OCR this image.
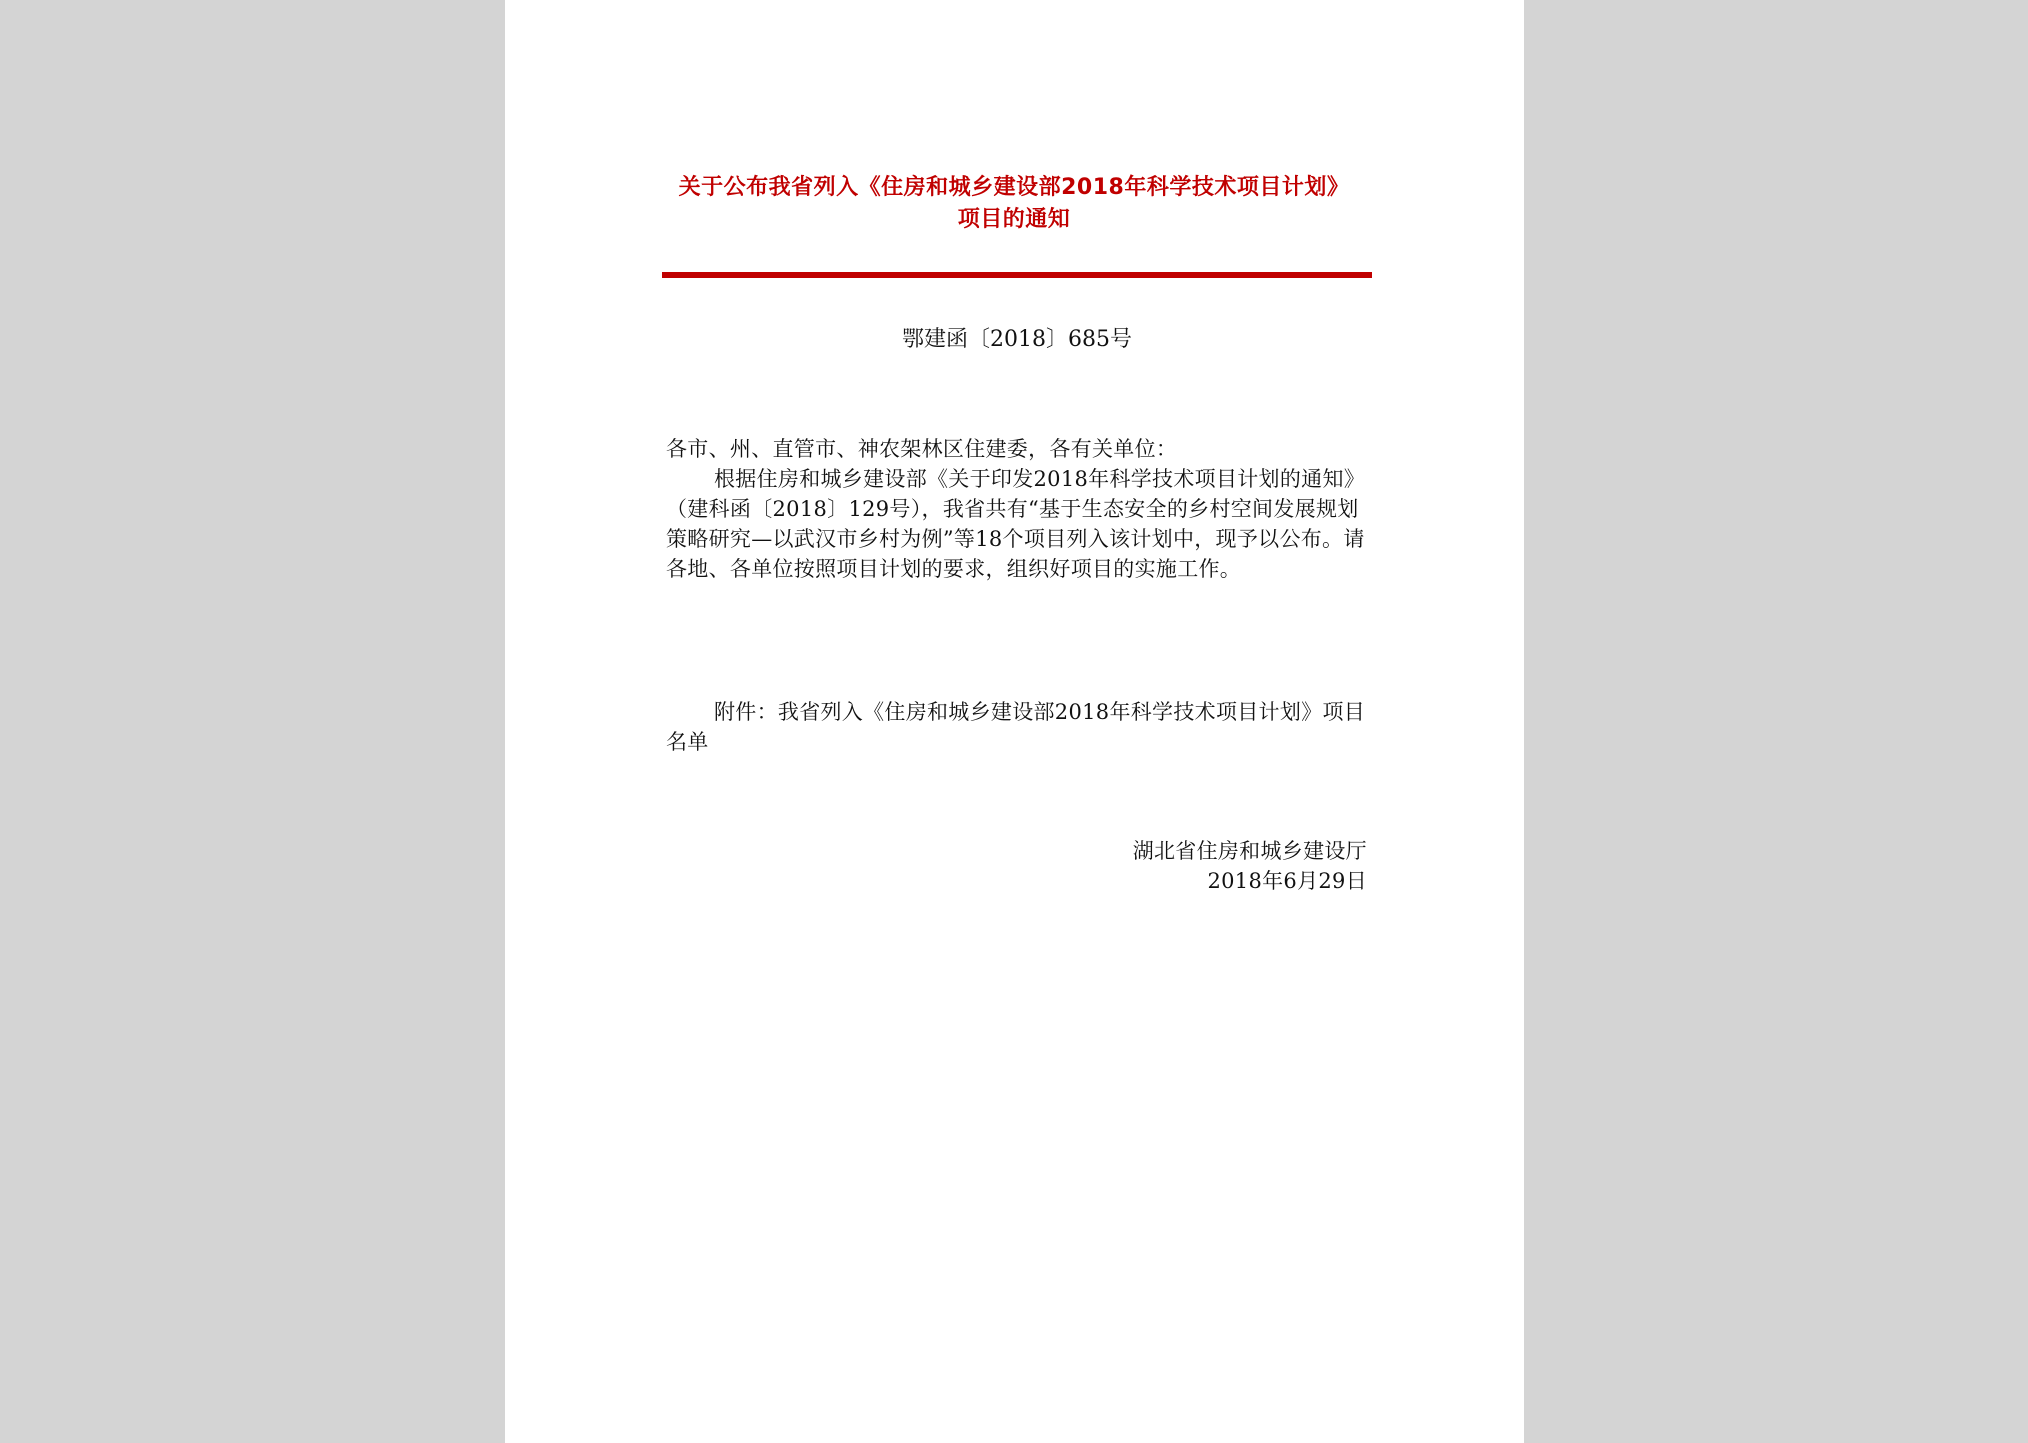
关于公布我省列入《住房和城乡建设部2018年科学技术项目计划》项目的通知
鄂建函〔2018〕685号
各市、州、直管市、神农架林区住建委，各有关单位：
根据住房和城乡建设部《关于印发2018年科学技术项目计划的通知》（建科函〔2018〕129号），我省共有“基于生态安全的乡村空间发展规划策略研究—以武汉市乡村为例”等18个项目列入该计划中，现予以公布。请各地、各单位按照项目计划的要求，组织好项目的实施工作。
附件：我省列入《住房和城乡建设部2018年科学技术项目计划》项目名单
湖北省住房和城乡建设厅
2018年6月29日
